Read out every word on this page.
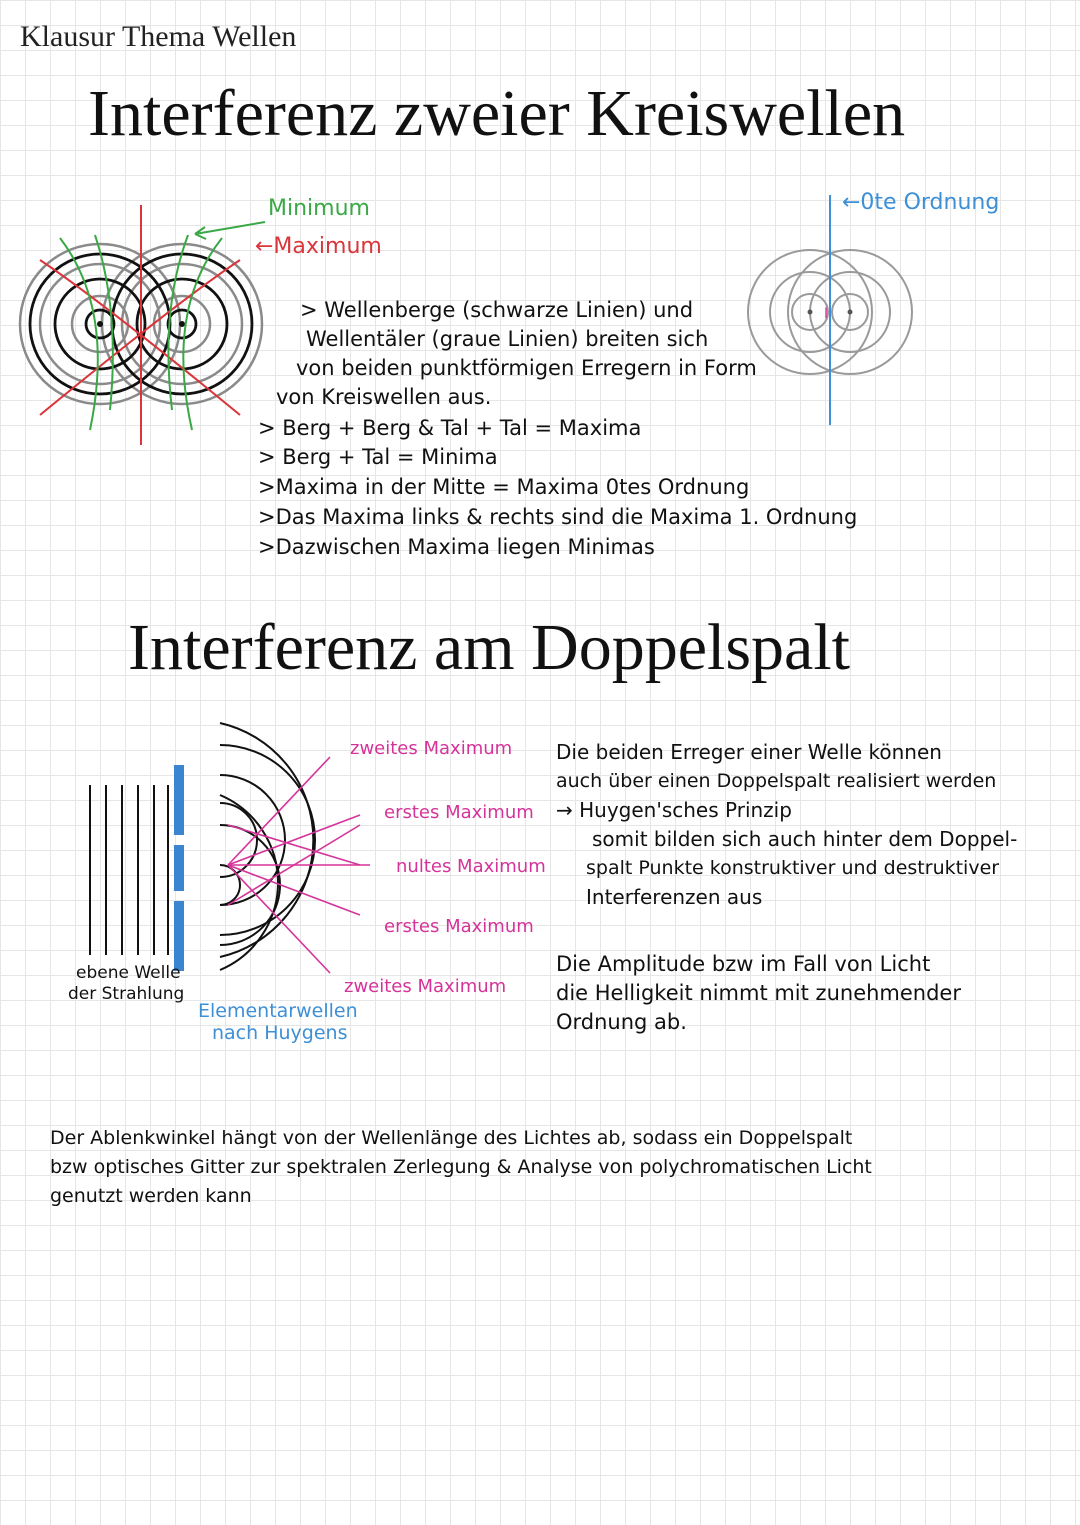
Klausur Thema Wellen
Interferenz zweier Kreiswellen
Minimum
←Maximum
I
←0te Ordnung
> Wellenberge (schwarze Linien) und
Wellentäler (graue Linien) breiten sich
von beiden punktförmigen Erregern in Form
von Kreiswellen aus.
> Berg + Berg & Tal + Tal = Maxima
> Berg + Tal = Minima
>Maxima in der Mitte = Maxima 0tes Ordnung
>Das Maxima links & rechts sind die Maxima 1. Ordnung
>Dazwischen Maxima liegen Minimas
Interferenz am Doppelspalt
ebene Welle
der Strahlung
Elementarwellen
nach Huygens
zweites Maximum
erstes Maximum
nultes Maximum
erstes Maximum
zweites Maximum
Die beiden Erreger einer Welle können
auch über einen Doppelspalt realisiert werden
→ Huygen'sches Prinzip
somit bilden sich auch hinter dem Doppel-
spalt Punkte konstruktiver und destruktiver
Interferenzen aus
Die Amplitude bzw im Fall von Licht
die Helligkeit nimmt mit zunehmender
Ordnung ab.
Der Ablenkwinkel hängt von der Wellenlänge des Lichtes ab, sodass ein Doppelspalt
bzw optisches Gitter zur spektralen Zerlegung & Analyse von polychromatischen Licht
genutzt werden kann
